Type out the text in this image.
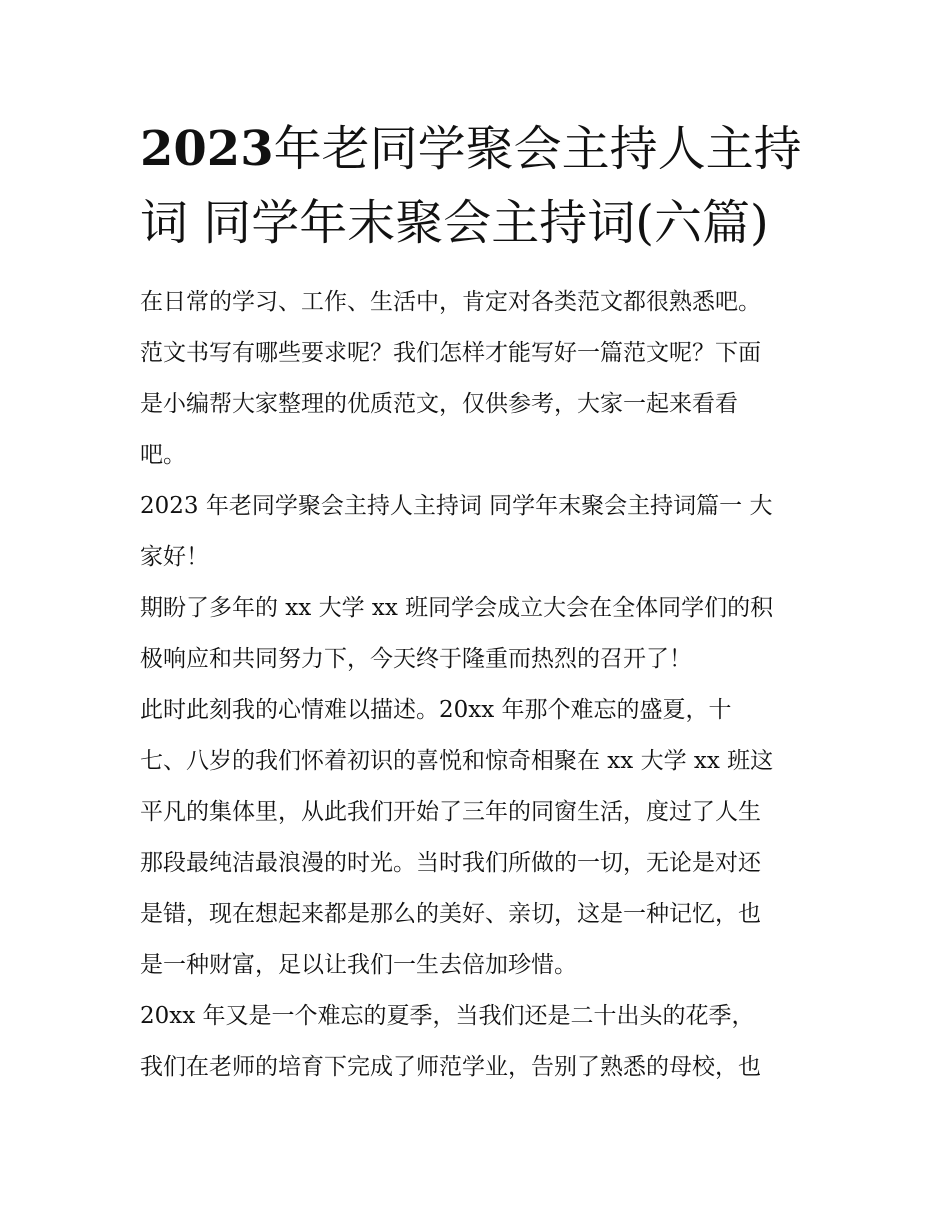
2023年老同学聚会主持人主持
词 同学年末聚会主持词(六篇)
在日常的学习、工作、生活中，肯定对各类范文都很熟悉吧。
范文书写有哪些要求呢？我们怎样才能写好一篇范文呢？下面
是小编帮大家整理的优质范文，仅供参考，大家一起来看看
吧。
2023 年老同学聚会主持人主持词 同学年末聚会主持词篇一 大
家好！
期盼了多年的 xx 大学 xx 班同学会成立大会在全体同学们的积
极响应和共同努力下，今天终于隆重而热烈的召开了！
此时此刻我的心情难以描述。20xx 年那个难忘的盛夏，十
七、八岁的我们怀着初识的喜悦和惊奇相聚在 xx 大学 xx 班这
平凡的集体里，从此我们开始了三年的同窗生活，度过了人生
那段最纯洁最浪漫的时光。当时我们所做的一切，无论是对还
是错，现在想起来都是那么的美好、亲切，这是一种记忆，也
是一种财富，足以让我们一生去倍加珍惜。
20xx 年又是一个难忘的夏季，当我们还是二十出头的花季，
我们在老师的培育下完成了师范学业，告别了熟悉的母校，也
